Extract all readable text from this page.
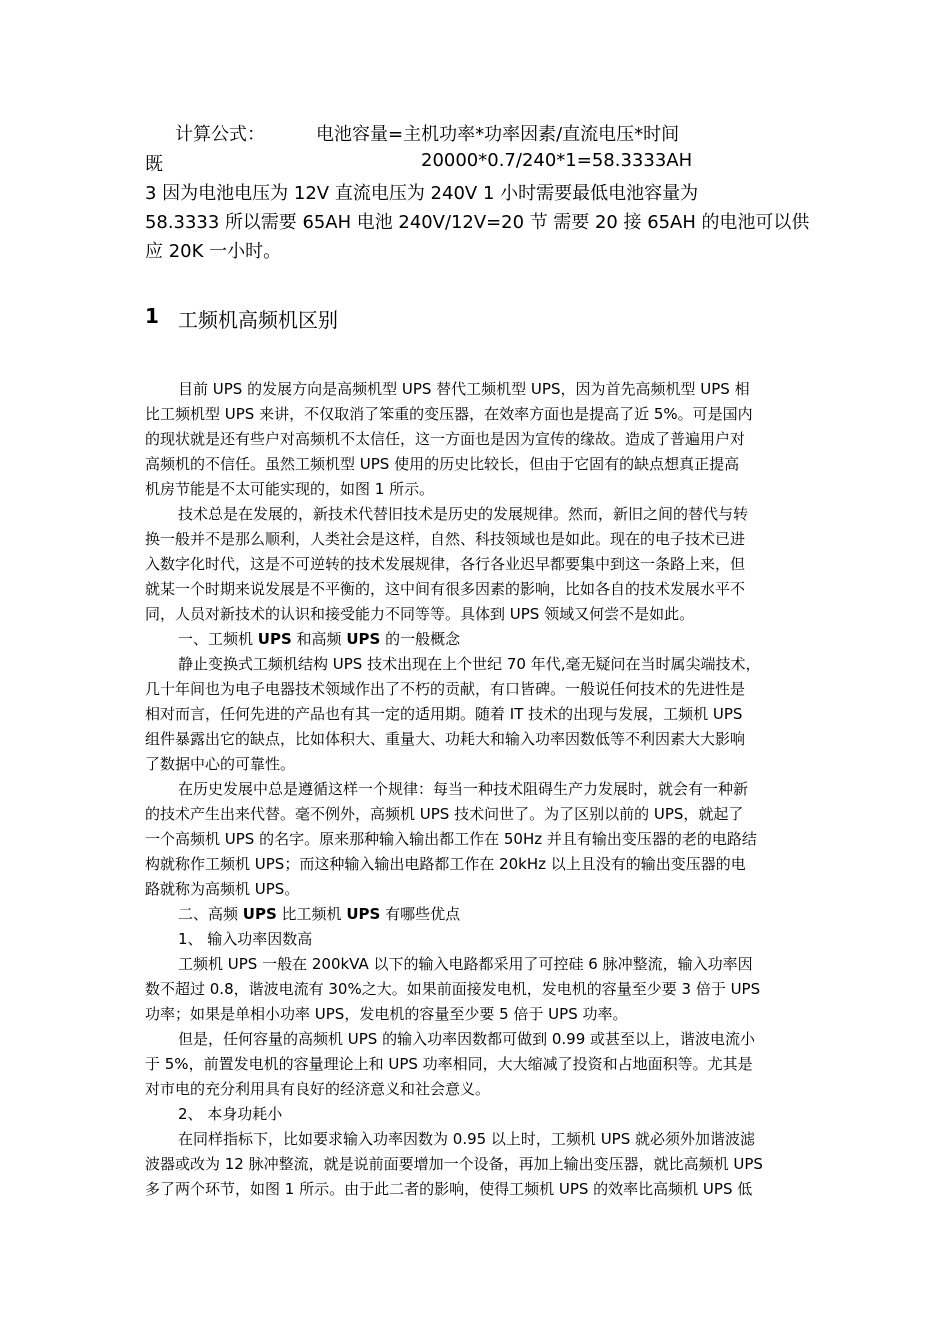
计算公式：	电池容量=主机功率*功率因素/直流电压*时间
既	20000*0.7/240*1=58.3333AH
3 因为电池电压为 12V 直流电压为 240V 1 小时需要最低电池容量为
58.3333 所以需要 65AH 电池 240V/12V=20 节 需要 20 接 65AH 的电池可以供
应 20K 一小时。
1 工频机高频机区别
目前 UPS 的发展方向是高频机型 UPS 替代工频机型 UPS，因为首先高频机型 UPS 相
比工频机型 UPS 来讲，不仅取消了笨重的变压器，在效率方面也是提高了近 5%。可是国内
的现状就是还有些户对高频机不太信任，这一方面也是因为宣传的缘故。造成了普遍用户对
高频机的不信任。虽然工频机型 UPS 使用的历史比较长，但由于它固有的缺点想真正提高
机房节能是不太可能实现的，如图 1 所示。
技术总是在发展的，新技术代替旧技术是历史的发展规律。然而，新旧之间的替代与转
换一般并不是那么顺利，人类社会是这样，自然、科技领域也是如此。现在的电子技术已进
入数字化时代，这是不可逆转的技术发展规律，各行各业迟早都要集中到这一条路上来，但
就某一个时期来说发展是不平衡的，这中间有很多因素的影响，比如各自的技术发展水平不
同，人员对新技术的认识和接受能力不同等等。具体到 UPS 领域又何尝不是如此。
一、工频机 UPS 和高频 UPS 的一般概念
静止变换式工频机结构 UPS 技术出现在上个世纪 70 年代,毫无疑问在当时属尖端技术，
几十年间也为电子电器技术领域作出了不朽的贡献，有口皆碑。一般说任何技术的先进性是
相对而言，任何先进的产品也有其一定的适用期。随着 IT 技术的出现与发展，工频机 UPS
组件暴露出它的缺点，比如体积大、重量大、功耗大和输入功率因数低等不利因素大大影响
了数据中心的可靠性。
在历史发展中总是遵循这样一个规律：每当一种技术阻碍生产力发展时，就会有一种新
的技术产生出来代替。毫不例外，高频机 UPS 技术问世了。为了区别以前的 UPS，就起了
一个高频机 UPS 的名字。原来那种输入输出都工作在 50Hz 并且有输出变压器的老的电路结
构就称作工频机 UPS；而这种输入输出电路都工作在 20kHz 以上且没有的输出变压器的电
路就称为高频机 UPS。
二、高频 UPS 比工频机 UPS 有哪些优点
1、 输入功率因数高
工频机 UPS 一般在 200kVA 以下的输入电路都采用了可控硅 6 脉冲整流，输入功率因
数不超过 0.8，谐波电流有 30%之大。如果前面接发电机，发电机的容量至少要 3 倍于 UPS
功率；如果是单相小功率 UPS，发电机的容量至少要 5 倍于 UPS 功率。
但是，任何容量的高频机 UPS 的输入功率因数都可做到 0.99 或甚至以上，谐波电流小
于 5%，前置发电机的容量理论上和 UPS 功率相同，大大缩减了投资和占地面积等。尤其是
对市电的充分利用具有良好的经济意义和社会意义。
2、 本身功耗小
在同样指标下，比如要求输入功率因数为 0.95 以上时，工频机 UPS 就必须外加谐波滤
波器或改为 12 脉冲整流，就是说前面要增加一个设备，再加上输出变压器，就比高频机 UPS
多了两个环节，如图 1 所示。由于此二者的影响，使得工频机 UPS 的效率比高频机 UPS 低
